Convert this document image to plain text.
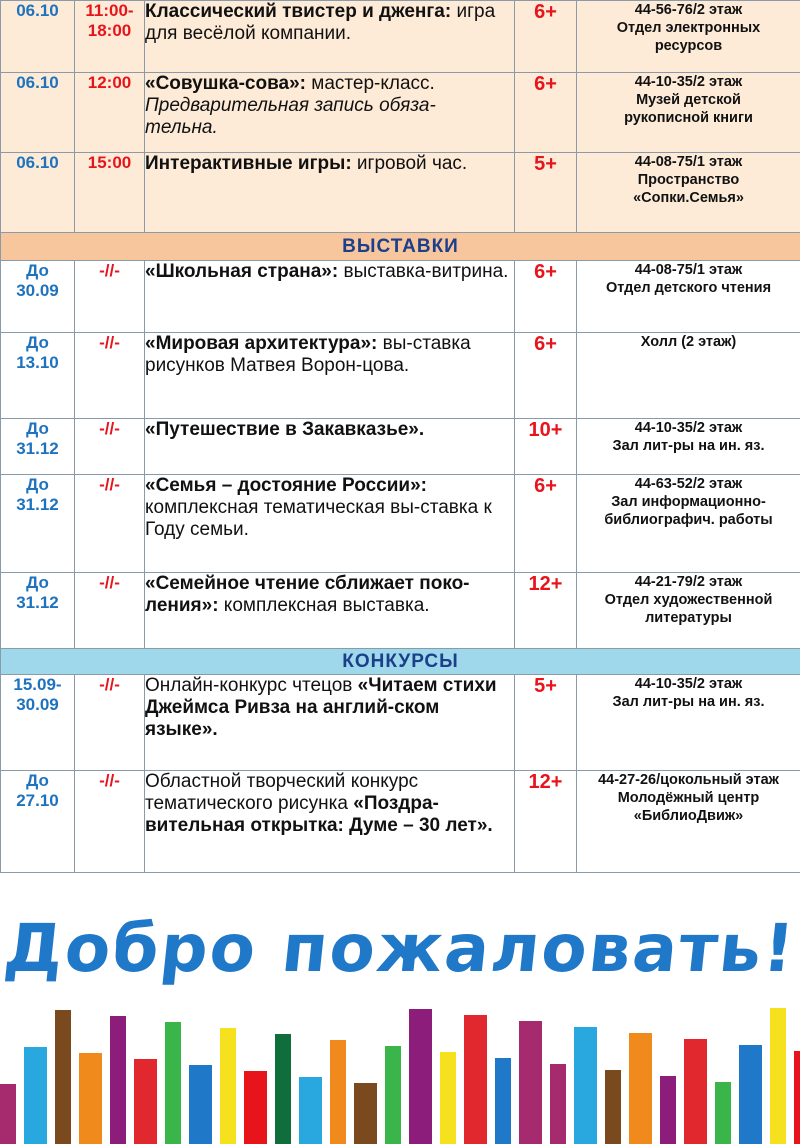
06.10	11:00-
18:00	Классический твистер и дженга: игра для весёлой компании.	6+	44-56-76/2 этаж
Отдел электронных
ресурсов
06.10	12:00	«Совушка-сова»: мастер-класс.
Предварительная запись обяза-
тельна.	6+	44-10-35/2 этаж
Музей детской
рукописной книги
06.10	15:00	Интерактивные игры: игровой час.	5+	44-08-75/1 этаж
Пространство
«Сопки.Семья»
ВЫСТАВКИ				
До
30.09	-//-	«Школьная страна»: выставка-витрина.	6+	44-08-75/1 этаж
Отдел детского чтения
До
13.10	-//-	«Мировая архитектура»: вы-ставка рисунков Матвея Ворон-цова.	6+	Холл (2 этаж)
До
31.12	-//-	«Путешествие в Закавказье».	10+	44-10-35/2 этаж
Зал лит-ры на ин. яз.
До
31.12	-//-	«Семья – достояние России»: комплексная тематическая вы-ставка к Году семьи.	6+	44-63-52/2 этаж
Зал информационно-
библиографич. работы
До
31.12	-//-	«Семейное чтение сближает поко-ления»: комплексная выставка.	12+	44-21-79/2 этаж
Отдел художественной
литературы
КОНКУРСЫ				
15.09-
30.09	-//-	Онлайн-конкурс чтецов «Читаем стихи Джеймса Ривза на англий-ском языке».	5+	44-10-35/2 этаж
Зал лит-ры на ин. яз.
До
27.10	-//-	Областной творческий конкурс тематического рисунка «Поздра-вительная открытка: Думе – 30 лет».	12+	44-27-26/цокольный этаж
Молодёжный центр
«БиблиоДвиж»
Добро пожаловать!
